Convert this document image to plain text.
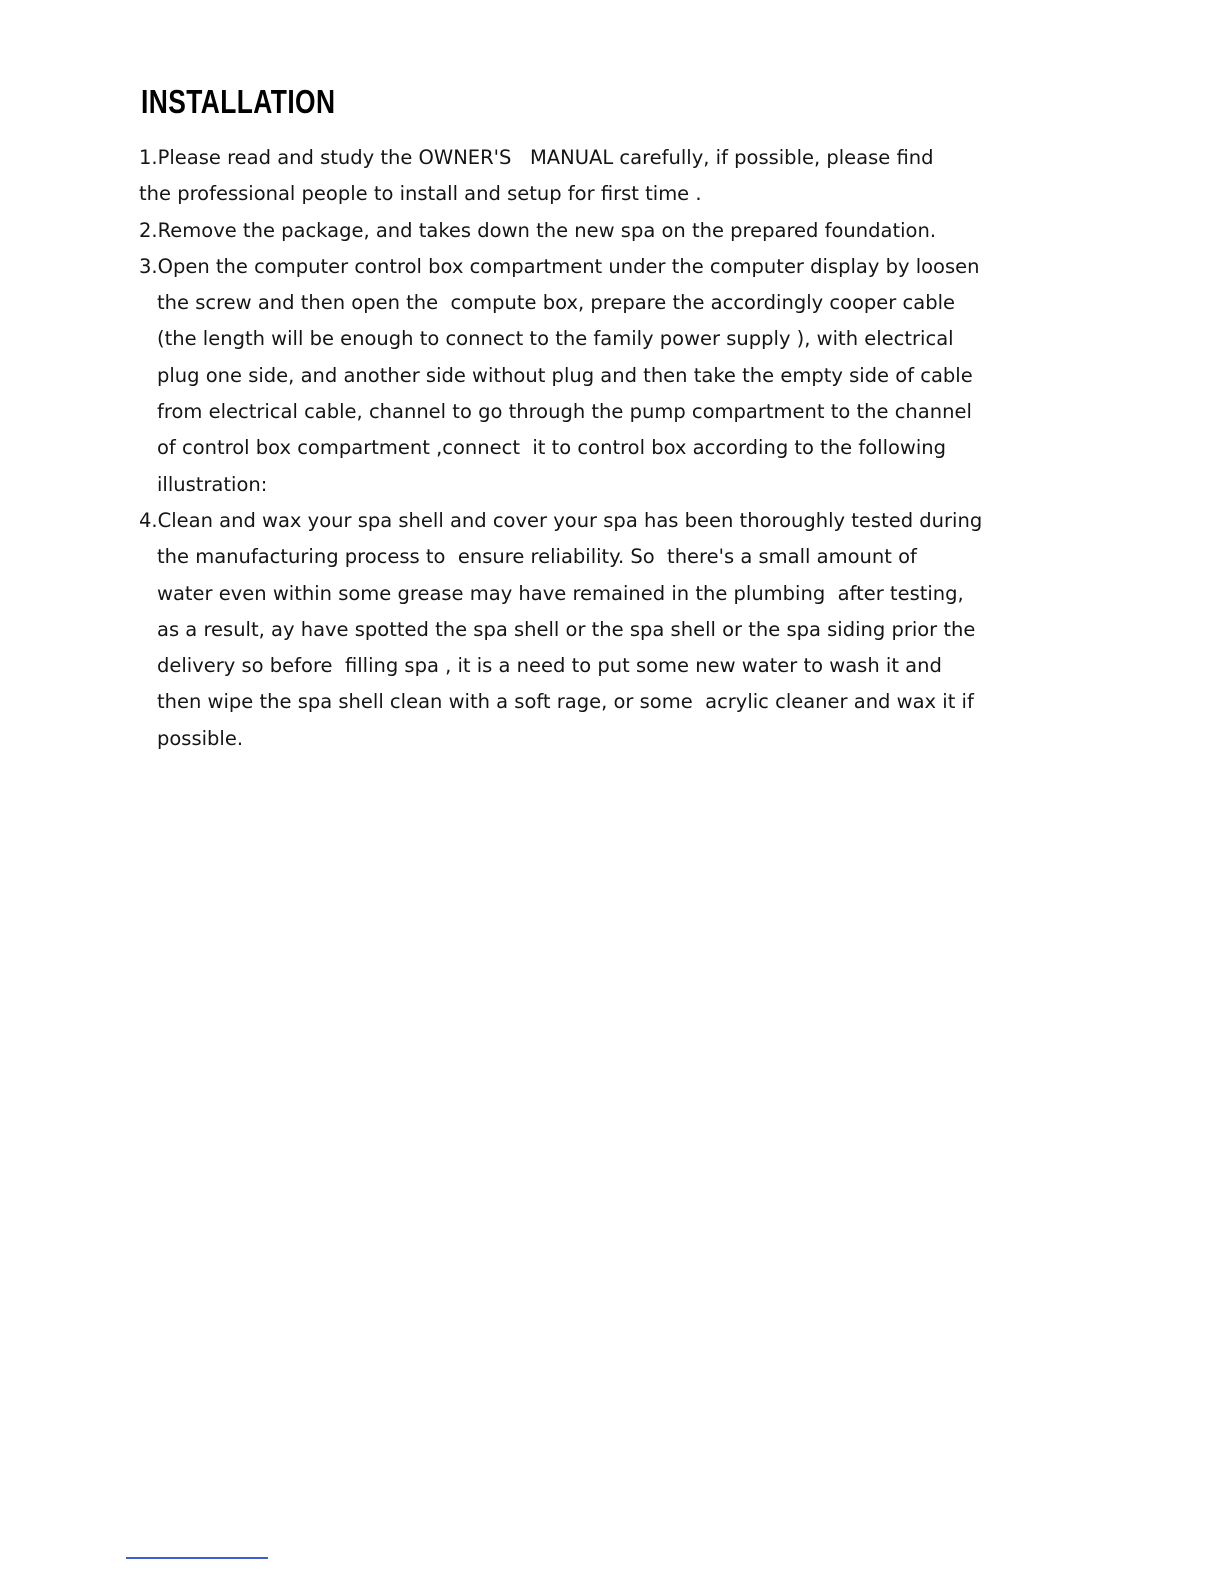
INSTALLATION
1.Please read and study the OWNER'S   MANUAL carefully, if possible, please find
the professional people to install and setup for first time .
2.Remove the package, and takes down the new spa on the prepared foundation.
3.Open the computer control box compartment under the computer display by loosen
the screw and then open the  compute box, prepare the accordingly cooper cable
(the length will be enough to connect to the family power supply ), with electrical
plug one side, and another side without plug and then take the empty side of cable
from electrical cable, channel to go through the pump compartment to the channel
of control box compartment ,connect  it to control box according to the following
illustration:
4.Clean and wax your spa shell and cover your spa has been thoroughly tested during
the manufacturing process to  ensure reliability. So  there's a small amount of
water even within some grease may have remained in the plumbing  after testing,
as a result, ay have spotted the spa shell or the spa shell or the spa siding prior the
delivery so before  filling spa , it is a need to put some new water to wash it and
then wipe the spa shell clean with a soft rage, or some  acrylic cleaner and wax it if
possible.
